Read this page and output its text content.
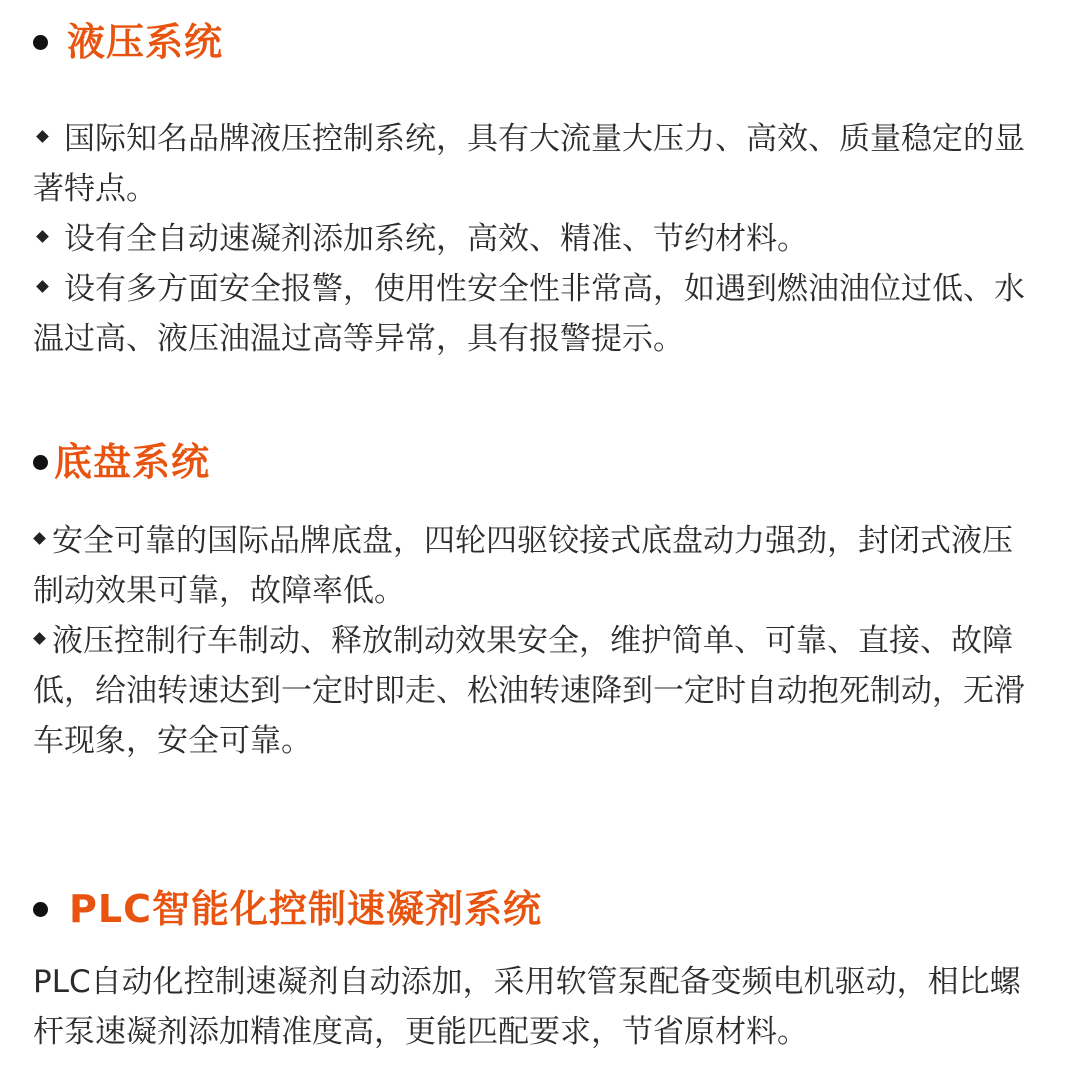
液压系统

国际知名品牌液压控制系统，具有大流量大压力、高效、质量稳定的显著特点。

设有全自动速凝剂添加系统，高效、精准、节约材料。

设有多方面安全报警，使用性安全性非常高，如遇到燃油油位过低、水温过高、液压油温过高等异常，具有报警提示。

底盘系统

安全可靠的国际品牌底盘，四轮四驱铰接式底盘动力强劲，封闭式液压制动效果可靠，故障率低。

液压控制行车制动、释放制动效果安全，维护简单、可靠、直接、故障低，给油转速达到一定时即走、松油转速降到一定时自动抱死制动，无滑车现象，安全可靠。

PLC智能化控制速凝剂系统

PLC自动化控制速凝剂自动添加，采用软管泵配备变频电机驱动，相比螺杆泵速凝剂添加精准度高，更能匹配要求，节省原材料。
